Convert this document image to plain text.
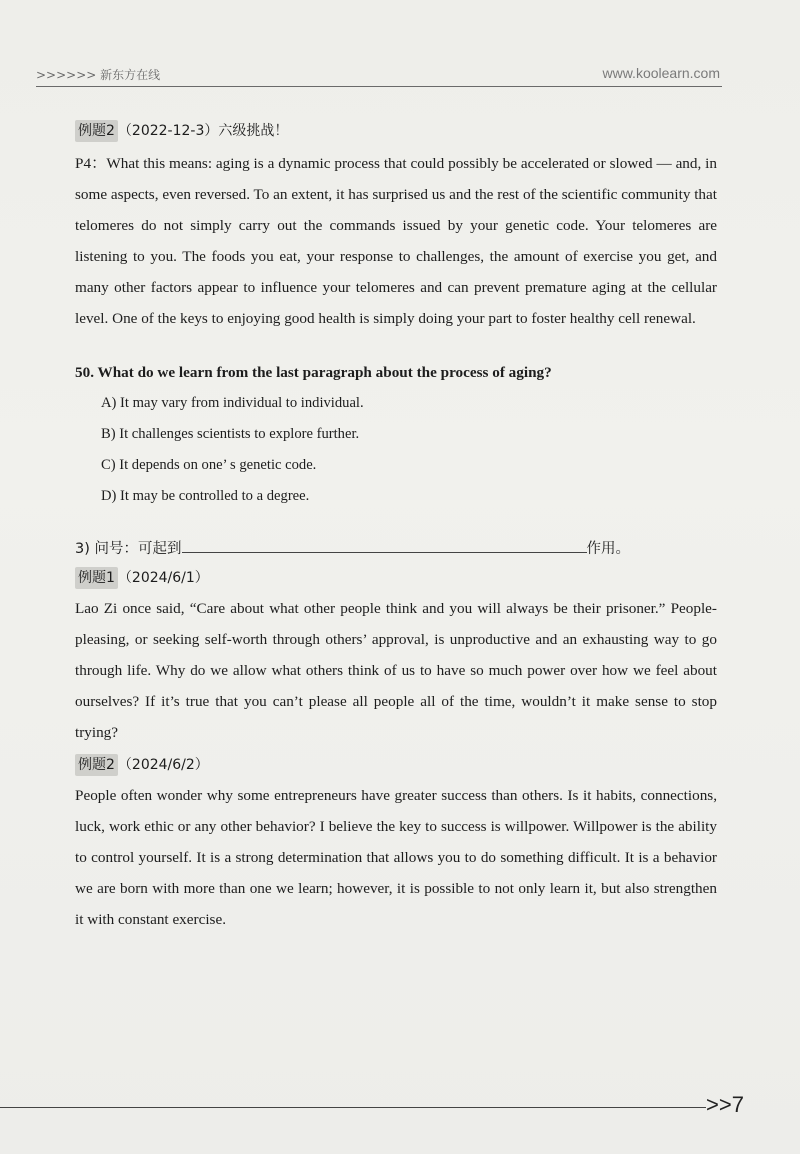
>>>>>> 新东方在线	www.koolearn.com

例题2 （2022-12-3）六级挑战！

P4：What this means: aging is a dynamic process that could possibly be accelerated or slowed — and, in some aspects, even reversed. To an extent, it has surprised us and the rest of the scientific community that telomeres do not simply carry out the commands issued by your genetic code. Your telomeres are listening to you. The foods you eat, your response to challenges, the amount of exercise you get, and many other factors appear to influence your telomeres and can prevent premature aging at the cellular level. One of the keys to enjoying good health is simply doing your part to foster healthy cell renewal.

50. What do we learn from the last paragraph about the process of aging?

A) It may vary from individual to individual.
B) It challenges scientists to explore further.
C) It depends on one’ s genetic code.
D) It may be controlled to a degree.

3) 问号：可起到	作用。

例题1 （2024/6/1）

Lao Zi once said, “Care about what other people think and you will always be their prisoner.” People-pleasing, or seeking self-worth through others’ approval, is unproductive and an exhausting way to go through life. Why do we allow what others think of us to have so much power over how we feel about ourselves? If it’s true that you can’t please all people all of the time, wouldn’t it make sense to stop trying?

例题2 （2024/6/2）

People often wonder why some entrepreneurs have greater success than others. Is it habits, connections, luck, work ethic or any other behavior? I believe the key to success is willpower. Willpower is the ability to control yourself. It is a strong determination that allows you to do something difficult. It is a behavior we are born with more than one we learn; however, it is possible to not only learn it, but also strengthen it with constant exercise.

>>7
